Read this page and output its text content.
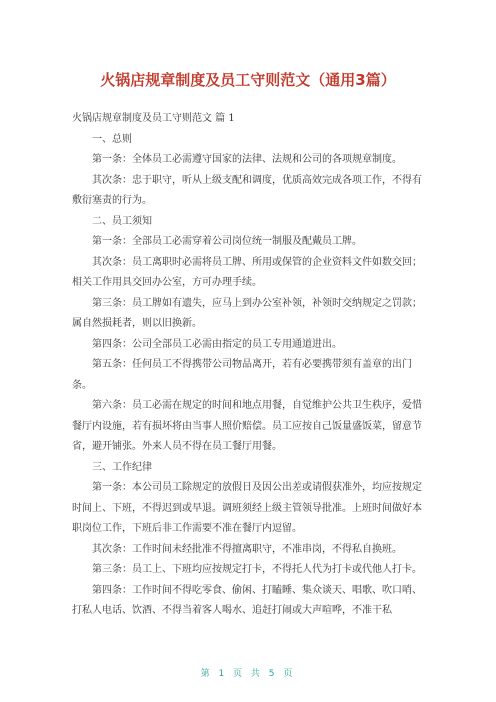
火锅店规章制度及员工守则范文（通用3篇）

火锅店规章制度及员工守则范文 篇 1

一、总则

第一条：全体员工必需遵守国家的法律、法规和公司的各项规章制度。

其次条：忠于职守，听从上级支配和调度，优质高效完成各项工作，不得有敷衍塞责的行为。

二、员工须知

第一条：全部员工必需穿着公司岗位统一制服及配戴员工牌。

其次条：员工离职时必需将员工牌、所用或保管的企业资料文件如数交回；相关工作用具交回办公室，方可办理手续。

第三条：员工牌如有遗失，应马上到办公室补领，补领时交纳规定之罚款；属自然损耗者，则以旧换新。

第四条：公司全部员工必需由指定的员工专用通道进出。

第五条：任何员工不得携带公司物品离开，若有必要携带须有盖章的出门条。

第六条：员工必需在规定的时间和地点用餐，自觉维护公共卫生秩序，爱惜餐厅内设施，若有损坏将由当事人照价赔偿。员工应按自己饭量盛饭菜，留意节省，避开铺张。外来人员不得在员工餐厅用餐。

三、工作纪律

第一条：本公司员工除规定的放假日及因公出差或请假获准外，均应按规定时间上、下班，不得迟到或早退。调班须经上级主管领导批准。上班时间做好本职岗位工作，下班后非工作需要不准在餐厅内逗留。

其次条：工作时间未经批准不得擅离职守，不准串岗，不得私自换班。

第三条：员工上、下班均应按规定打卡，不得托人代为打卡或代他人打卡。

第四条：工作时间不得吃零食、偷闲、打瞌睡、集众谈天、唱歌、吹口哨、打私人电话、饮酒、不得当着客人喝水、追赶打闹或大声喧哗，不准干私

第 1 页 共 5 页
